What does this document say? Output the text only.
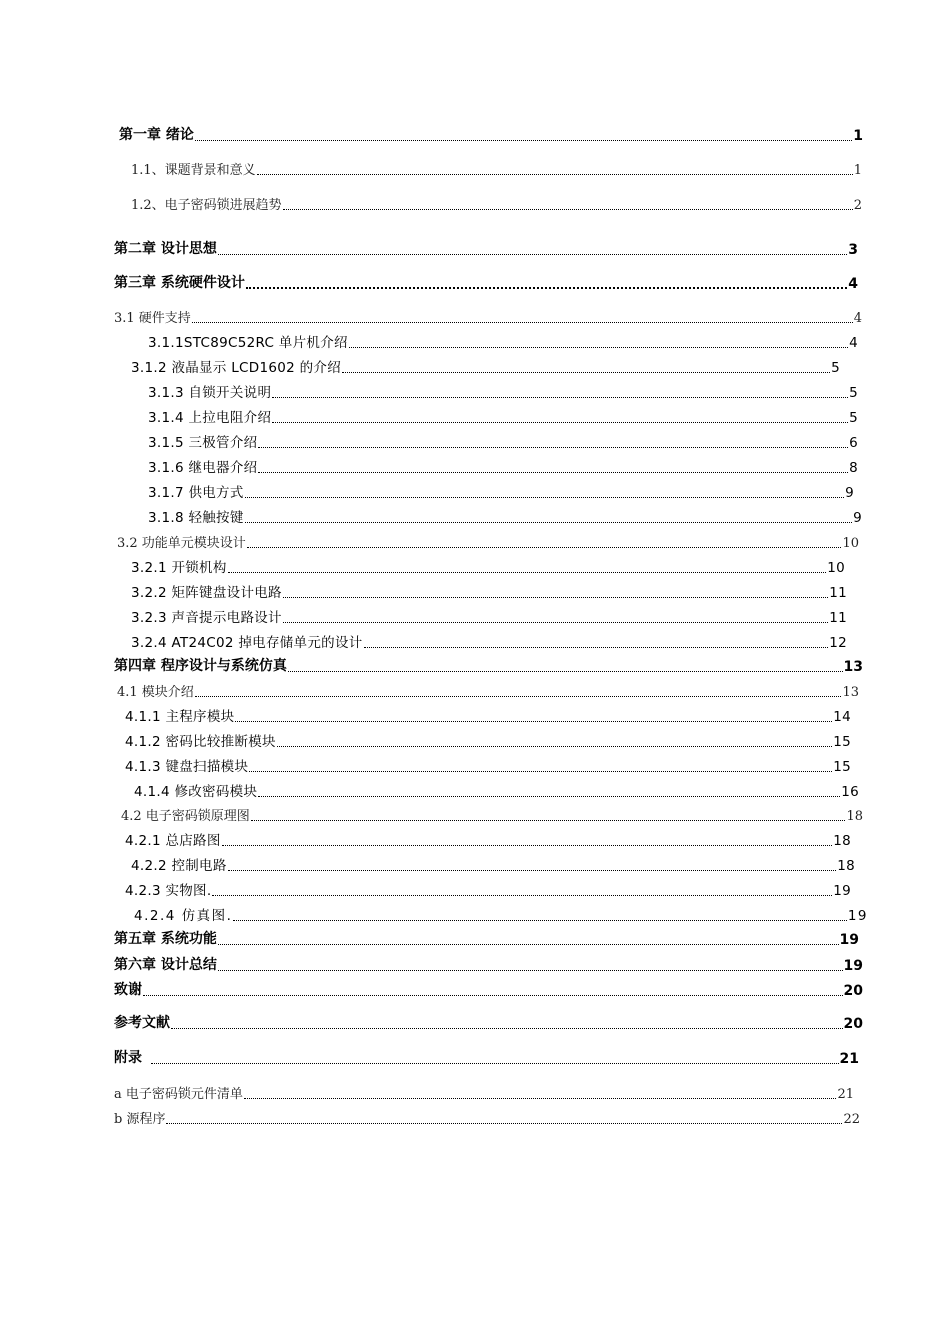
第一章 绪论	1
1.1、课题背景和意义	1
1.2、电子密码锁进展趋势	2
第二章 设计思想	3
第三章 系统硬件设计	4
3.1 硬件支持	4
3.1.1STC89C52RC 单片机介绍	4
3.1.2 液晶显示 LCD1602 的介绍	5
3.1.3 自锁开关说明	5
3.1.4 上拉电阻介绍	5
3.1.5 三极管介绍	6
3.1.6 继电器介绍	8
3.1.7 供电方式	9
3.1.8 轻触按键	9
3.2 功能单元模块设计	10
3.2.1 开锁机构	10
3.2.2 矩阵键盘设计电路	11
3.2.3 声音提示电路设计	11
3.2.4 AT24C02 掉电存储单元的设计	12
第四章 程序设计与系统仿真	13
4.1 模块介绍	13
4.1.1 主程序模块	14
4.1.2 密码比较推断模块	15
4.1.3 键盘扫描模块	15
4.1.4 修改密码模块	16
4.2 电子密码锁原理图	18
4.2.1 总店路图	18
4.2.2 控制电路	18
4.2.3 实物图.	19
4.2.4 仿真图.	19
第五章 系统功能	19
第六章 设计总结	19
致谢	20
参考文献	20
附录	21
a 电子密码锁元件清单	21
b 源程序	22
